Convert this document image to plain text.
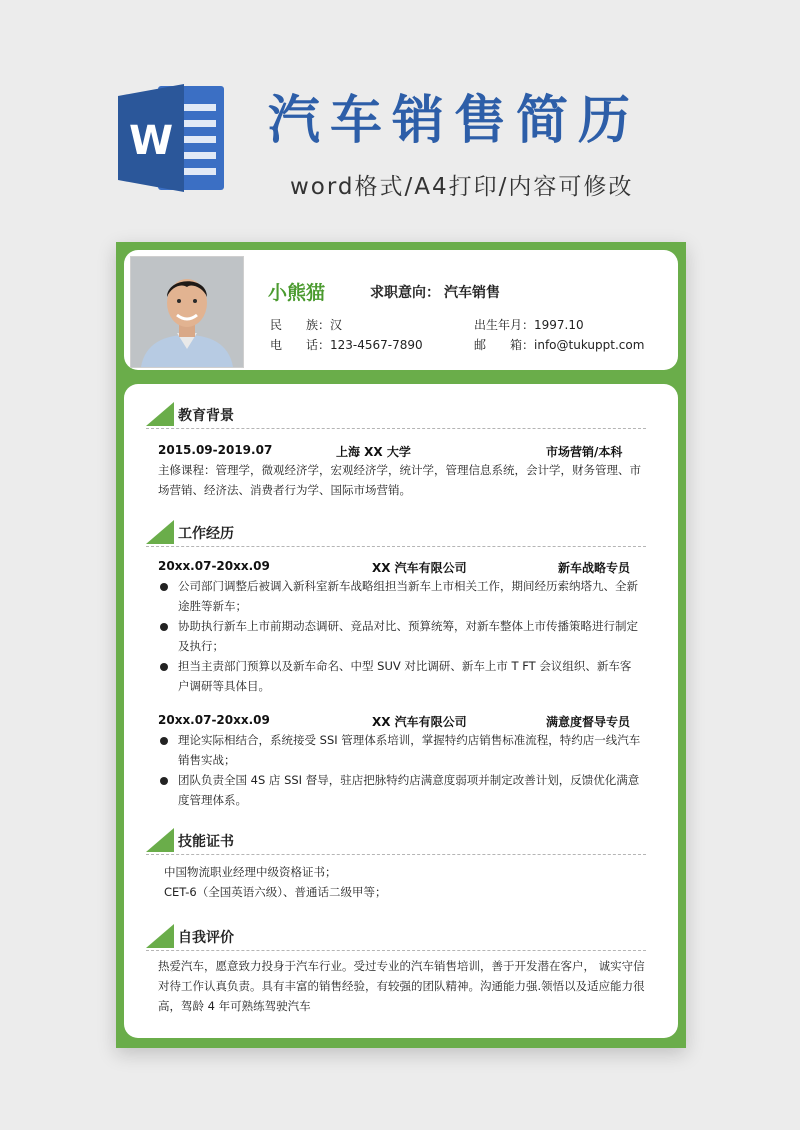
W 汽车销售简历
word格式/A4打印/内容可修改
小熊猫	求职意向： 汽车销售
民　　族：汉
电　　话：123-4567-7890
出生年月：1997.10
邮　　箱：info@tukuppt.com
教育背景
2015.09-2019.07	上海 XX 大学	市场营销/本科
主修课程：管理学，微观经济学，宏观经济学，统计学，管理信息系统，会计学，财务管理、市
场营销、经济法、消费者行为学、国际市场营销。
工作经历
20xx.07-20xx.09	XX 汽车有限公司	新车战略专员
公司部门调整后被调入新科室新车战略组担当新车上市相关工作，期间经历索纳塔九、全新途胜等新车；
协助执行新车上市前期动态调研、竞品对比、预算统筹，对新车整体上市传播策略进行制定及执行；
担当主责部门预算以及新车命名、中型 SUV 对比调研、新车上市 T FT 会议组织、新车客户调研等具体目。
20xx.07-20xx.09	XX 汽车有限公司	满意度督导专员
理论实际相结合，系统接受 SSI 管理体系培训，掌握特约店销售标准流程，特约店一线汽车销售实战；
团队负责全国 4S 店 SSI 督导，驻店把脉特约店满意度弱项并制定改善计划，反馈优化满意度管理体系。
技能证书
中国物流职业经理中级资格证书；
CET-6（全国英语六级）、普通话二级甲等；
自我评价
热爱汽车，愿意致力投身于汽车行业。受过专业的汽车销售培训，善于开发潜在客户， 诚实守信对待工作认真负责。具有丰富的销售经验，有较强的团队精神。沟通能力强.领悟以及适应能力很高，驾龄 4 年可熟练驾驶汽车
